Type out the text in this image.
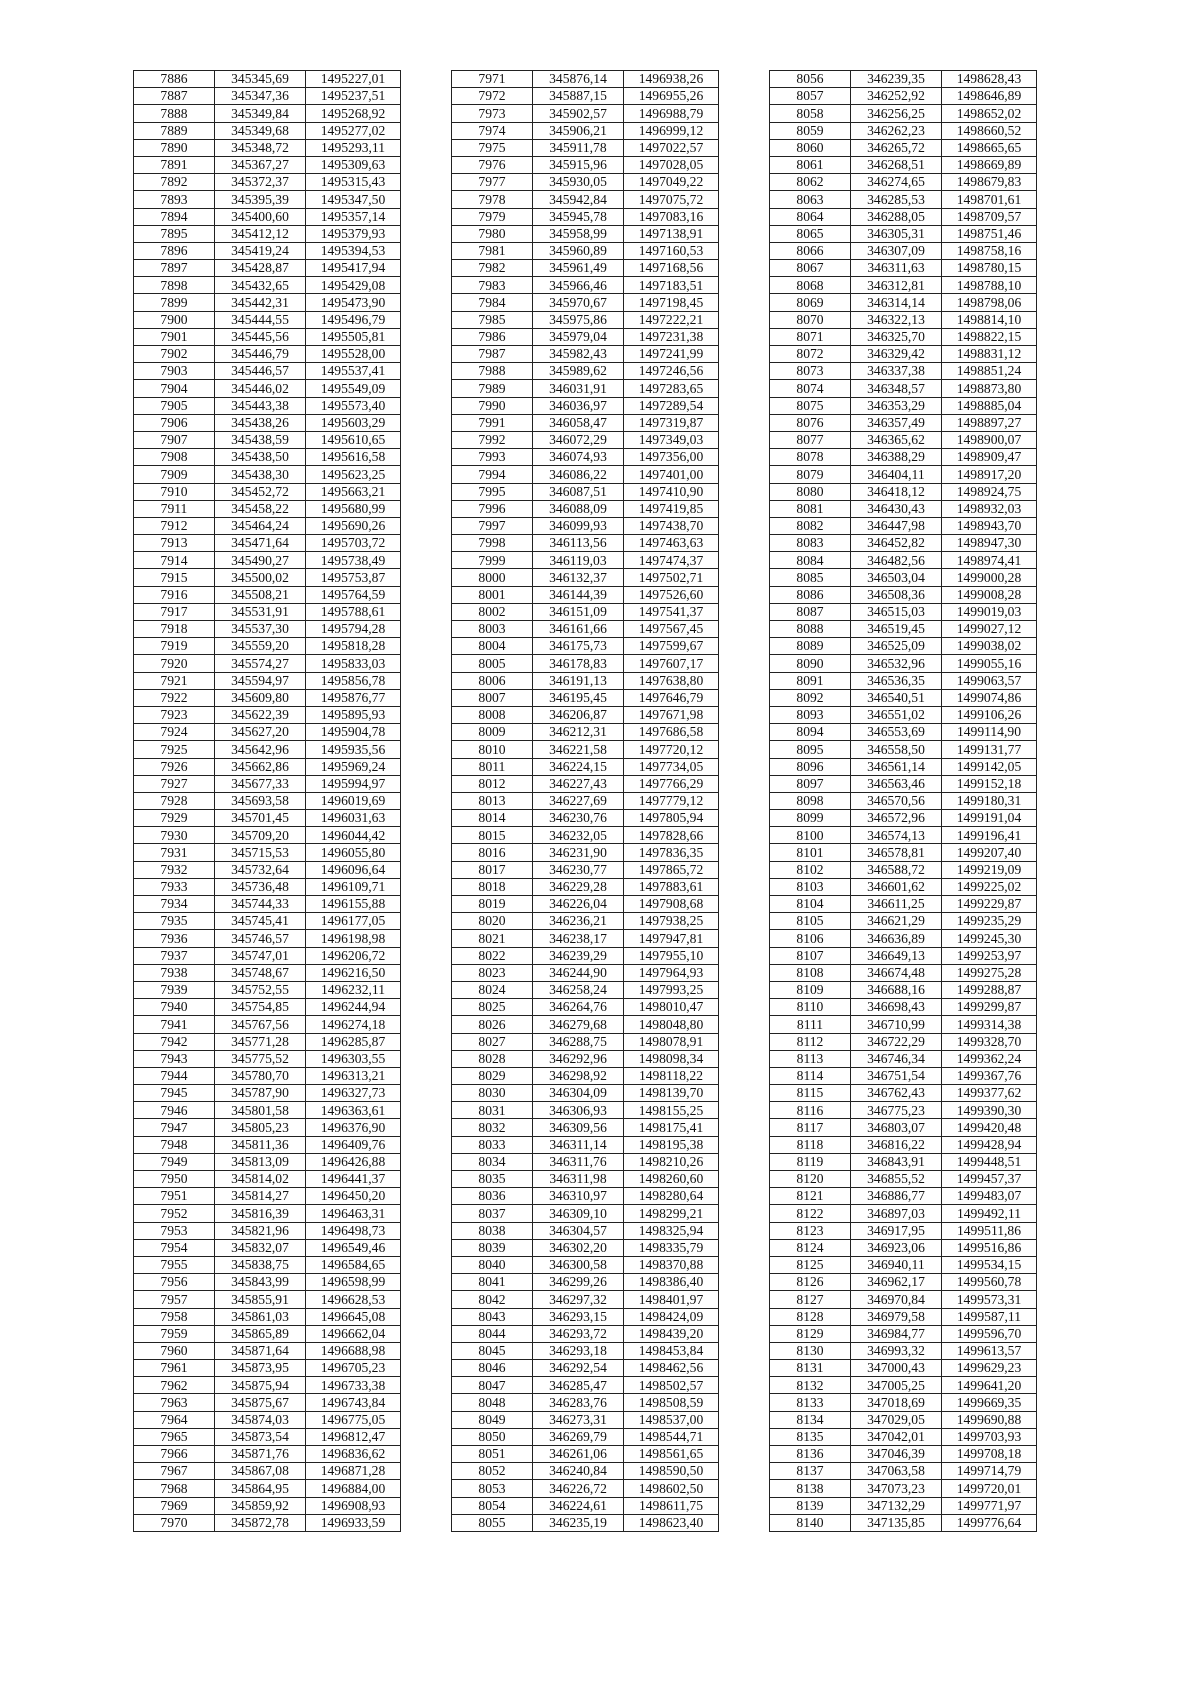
7886	345345,69	1495227,01
7887	345347,36	1495237,51
7888	345349,84	1495268,92
7889	345349,68	1495277,02
7890	345348,72	1495293,11
7891	345367,27	1495309,63
7892	345372,37	1495315,43
7893	345395,39	1495347,50
7894	345400,60	1495357,14
7895	345412,12	1495379,93
7896	345419,24	1495394,53
7897	345428,87	1495417,94
7898	345432,65	1495429,08
7899	345442,31	1495473,90
7900	345444,55	1495496,79
7901	345445,56	1495505,81
7902	345446,79	1495528,00
7903	345446,57	1495537,41
7904	345446,02	1495549,09
7905	345443,38	1495573,40
7906	345438,26	1495603,29
7907	345438,59	1495610,65
7908	345438,50	1495616,58
7909	345438,30	1495623,25
7910	345452,72	1495663,21
7911	345458,22	1495680,99
7912	345464,24	1495690,26
7913	345471,64	1495703,72
7914	345490,27	1495738,49
7915	345500,02	1495753,87
7916	345508,21	1495764,59
7917	345531,91	1495788,61
7918	345537,30	1495794,28
7919	345559,20	1495818,28
7920	345574,27	1495833,03
7921	345594,97	1495856,78
7922	345609,80	1495876,77
7923	345622,39	1495895,93
7924	345627,20	1495904,78
7925	345642,96	1495935,56
7926	345662,86	1495969,24
7927	345677,33	1495994,97
7928	345693,58	1496019,69
7929	345701,45	1496031,63
7930	345709,20	1496044,42
7931	345715,53	1496055,80
7932	345732,64	1496096,64
7933	345736,48	1496109,71
7934	345744,33	1496155,88
7935	345745,41	1496177,05
7936	345746,57	1496198,98
7937	345747,01	1496206,72
7938	345748,67	1496216,50
7939	345752,55	1496232,11
7940	345754,85	1496244,94
7941	345767,56	1496274,18
7942	345771,28	1496285,87
7943	345775,52	1496303,55
7944	345780,70	1496313,21
7945	345787,90	1496327,73
7946	345801,58	1496363,61
7947	345805,23	1496376,90
7948	345811,36	1496409,76
7949	345813,09	1496426,88
7950	345814,02	1496441,37
7951	345814,27	1496450,20
7952	345816,39	1496463,31
7953	345821,96	1496498,73
7954	345832,07	1496549,46
7955	345838,75	1496584,65
7956	345843,99	1496598,99
7957	345855,91	1496628,53
7958	345861,03	1496645,08
7959	345865,89	1496662,04
7960	345871,64	1496688,98
7961	345873,95	1496705,23
7962	345875,94	1496733,38
7963	345875,67	1496743,84
7964	345874,03	1496775,05
7965	345873,54	1496812,47
7966	345871,76	1496836,62
7967	345867,08	1496871,28
7968	345864,95	1496884,00
7969	345859,92	1496908,93
7970	345872,78	1496933,59
7971	345876,14	1496938,26
7972	345887,15	1496955,26
7973	345902,57	1496988,79
7974	345906,21	1496999,12
7975	345911,78	1497022,57
7976	345915,96	1497028,05
7977	345930,05	1497049,22
7978	345942,84	1497075,72
7979	345945,78	1497083,16
7980	345958,99	1497138,91
7981	345960,89	1497160,53
7982	345961,49	1497168,56
7983	345966,46	1497183,51
7984	345970,67	1497198,45
7985	345975,86	1497222,21
7986	345979,04	1497231,38
7987	345982,43	1497241,99
7988	345989,62	1497246,56
7989	346031,91	1497283,65
7990	346036,97	1497289,54
7991	346058,47	1497319,87
7992	346072,29	1497349,03
7993	346074,93	1497356,00
7994	346086,22	1497401,00
7995	346087,51	1497410,90
7996	346088,09	1497419,85
7997	346099,93	1497438,70
7998	346113,56	1497463,63
7999	346119,03	1497474,37
8000	346132,37	1497502,71
8001	346144,39	1497526,60
8002	346151,09	1497541,37
8003	346161,66	1497567,45
8004	346175,73	1497599,67
8005	346178,83	1497607,17
8006	346191,13	1497638,80
8007	346195,45	1497646,79
8008	346206,87	1497671,98
8009	346212,31	1497686,58
8010	346221,58	1497720,12
8011	346224,15	1497734,05
8012	346227,43	1497766,29
8013	346227,69	1497779,12
8014	346230,76	1497805,94
8015	346232,05	1497828,66
8016	346231,90	1497836,35
8017	346230,77	1497865,72
8018	346229,28	1497883,61
8019	346226,04	1497908,68
8020	346236,21	1497938,25
8021	346238,17	1497947,81
8022	346239,29	1497955,10
8023	346244,90	1497964,93
8024	346258,24	1497993,25
8025	346264,76	1498010,47
8026	346279,68	1498048,80
8027	346288,75	1498078,91
8028	346292,96	1498098,34
8029	346298,92	1498118,22
8030	346304,09	1498139,70
8031	346306,93	1498155,25
8032	346309,56	1498175,41
8033	346311,14	1498195,38
8034	346311,76	1498210,26
8035	346311,98	1498260,60
8036	346310,97	1498280,64
8037	346309,10	1498299,21
8038	346304,57	1498325,94
8039	346302,20	1498335,79
8040	346300,58	1498370,88
8041	346299,26	1498386,40
8042	346297,32	1498401,97
8043	346293,15	1498424,09
8044	346293,72	1498439,20
8045	346293,18	1498453,84
8046	346292,54	1498462,56
8047	346285,47	1498502,57
8048	346283,76	1498508,59
8049	346273,31	1498537,00
8050	346269,79	1498544,71
8051	346261,06	1498561,65
8052	346240,84	1498590,50
8053	346226,72	1498602,50
8054	346224,61	1498611,75
8055	346235,19	1498623,40
8056	346239,35	1498628,43
8057	346252,92	1498646,89
8058	346256,25	1498652,02
8059	346262,23	1498660,52
8060	346265,72	1498665,65
8061	346268,51	1498669,89
8062	346274,65	1498679,83
8063	346285,53	1498701,61
8064	346288,05	1498709,57
8065	346305,31	1498751,46
8066	346307,09	1498758,16
8067	346311,63	1498780,15
8068	346312,81	1498788,10
8069	346314,14	1498798,06
8070	346322,13	1498814,10
8071	346325,70	1498822,15
8072	346329,42	1498831,12
8073	346337,38	1498851,24
8074	346348,57	1498873,80
8075	346353,29	1498885,04
8076	346357,49	1498897,27
8077	346365,62	1498900,07
8078	346388,29	1498909,47
8079	346404,11	1498917,20
8080	346418,12	1498924,75
8081	346430,43	1498932,03
8082	346447,98	1498943,70
8083	346452,82	1498947,30
8084	346482,56	1498974,41
8085	346503,04	1499000,28
8086	346508,36	1499008,28
8087	346515,03	1499019,03
8088	346519,45	1499027,12
8089	346525,09	1499038,02
8090	346532,96	1499055,16
8091	346536,35	1499063,57
8092	346540,51	1499074,86
8093	346551,02	1499106,26
8094	346553,69	1499114,90
8095	346558,50	1499131,77
8096	346561,14	1499142,05
8097	346563,46	1499152,18
8098	346570,56	1499180,31
8099	346572,96	1499191,04
8100	346574,13	1499196,41
8101	346578,81	1499207,40
8102	346588,72	1499219,09
8103	346601,62	1499225,02
8104	346611,25	1499229,87
8105	346621,29	1499235,29
8106	346636,89	1499245,30
8107	346649,13	1499253,97
8108	346674,48	1499275,28
8109	346688,16	1499288,87
8110	346698,43	1499299,87
8111	346710,99	1499314,38
8112	346722,29	1499328,70
8113	346746,34	1499362,24
8114	346751,54	1499367,76
8115	346762,43	1499377,62
8116	346775,23	1499390,30
8117	346803,07	1499420,48
8118	346816,22	1499428,94
8119	346843,91	1499448,51
8120	346855,52	1499457,37
8121	346886,77	1499483,07
8122	346897,03	1499492,11
8123	346917,95	1499511,86
8124	346923,06	1499516,86
8125	346940,11	1499534,15
8126	346962,17	1499560,78
8127	346970,84	1499573,31
8128	346979,58	1499587,11
8129	346984,77	1499596,70
8130	346993,32	1499613,57
8131	347000,43	1499629,23
8132	347005,25	1499641,20
8133	347018,69	1499669,35
8134	347029,05	1499690,88
8135	347042,01	1499703,93
8136	347046,39	1499708,18
8137	347063,58	1499714,79
8138	347073,23	1499720,01
8139	347132,29	1499771,97
8140	347135,85	1499776,64
